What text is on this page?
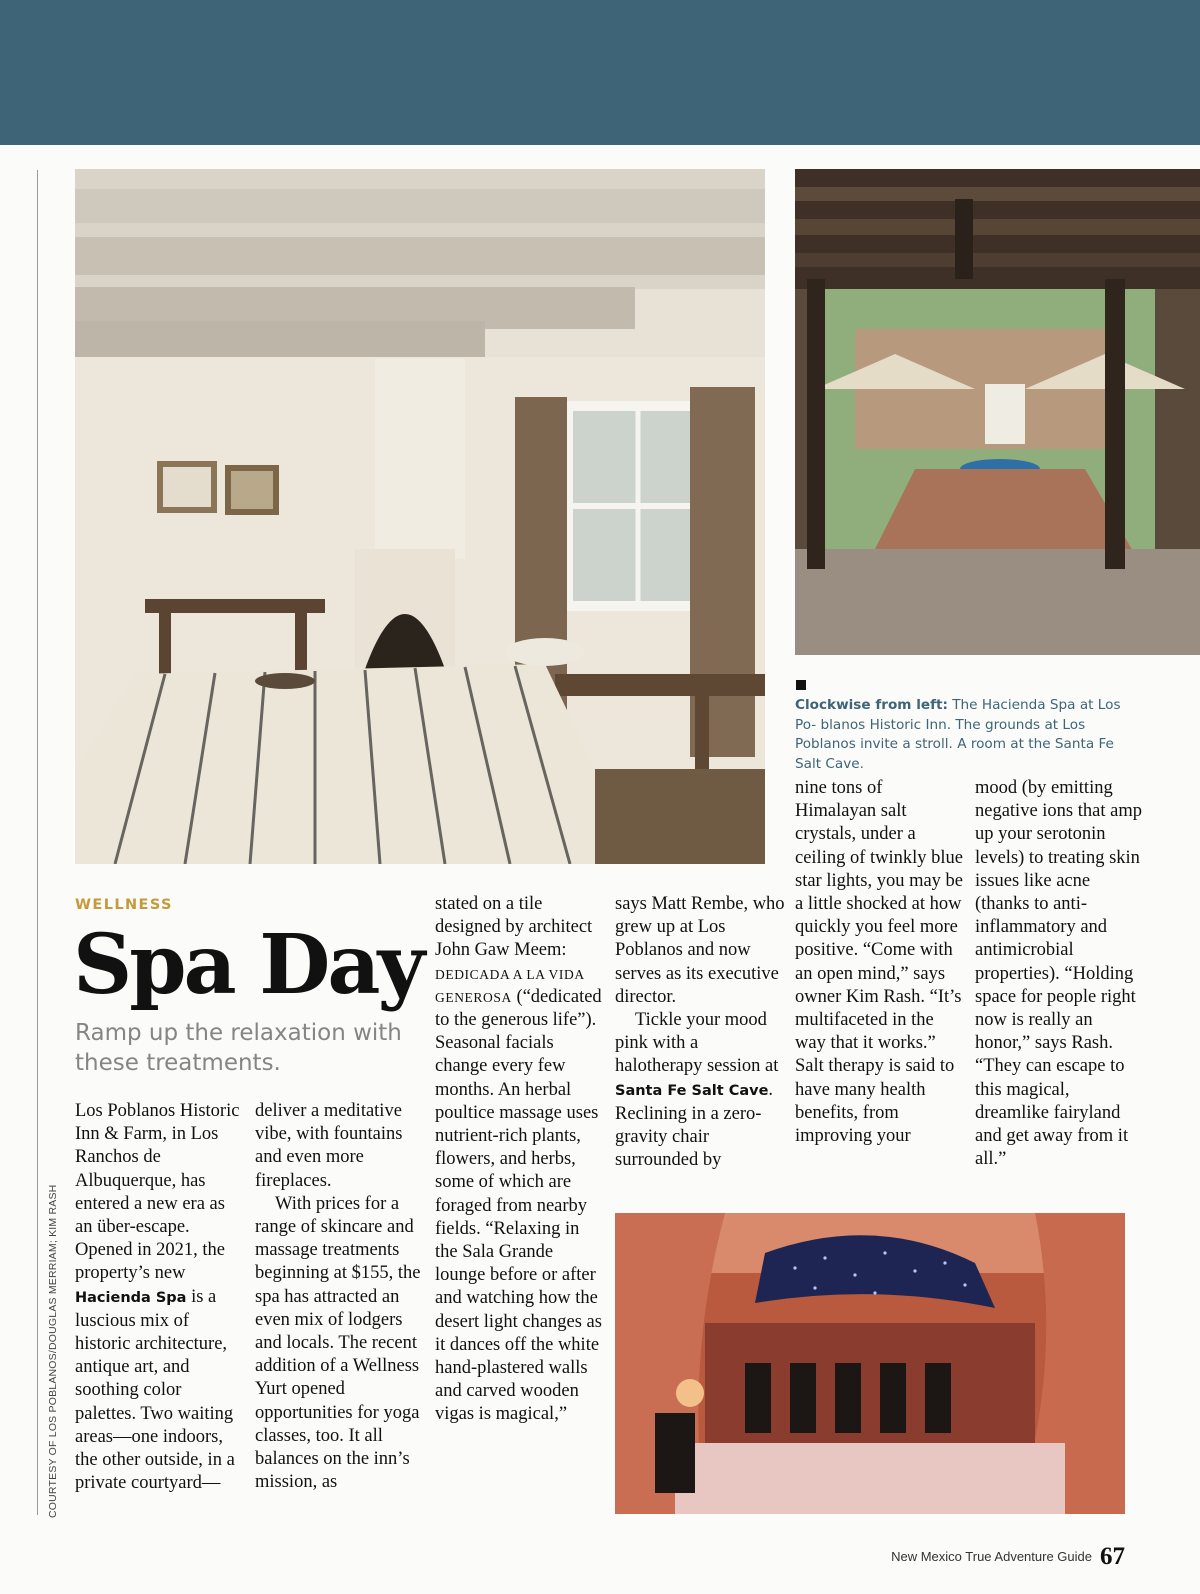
COURTESY OF LOS POBLANOS/DOUGLAS MERRIAM; KIM RASH
Clockwise from left: The Hacienda Spa at Los Po- blanos Historic Inn. The grounds at Los Poblanos invite a stroll. A room at the Santa Fe Salt Cave.
WELLNESS
Spa Day
Ramp up the relaxation with these treatments.

Los Poblanos Historic Inn & Farm, in Los Ranchos de Albuquerque, has entered a new era as an über-escape. Opened in 2021, the property’s new Hacienda Spa is a luscious mix of historic architecture, antique art, and soothing color palettes. Two waiting areas—one indoors, the other outside, in a private courtyard—

deliver a meditative vibe, with fountains and even more fireplaces.

With prices for a range of skincare and massage treatments beginning at $155, the spa has attracted an even mix of lodgers and locals. The recent addition of a Wellness Yurt opened opportunities for yoga classes, too. It all balances on the inn’s mission, as

stated on a tile designed by architect John Gaw Meem: DEDICADA A LA VIDA GENEROSA (“dedicated to the generous life”). Seasonal facials change every few months. An herbal poultice massage uses nutrient-rich plants, flowers, and herbs, some of which are foraged from nearby fields. “Relaxing in the Sala Grande lounge before or after and watching how the desert light changes as it dances off the white hand-plastered walls and carved wooden vigas is magical,”

says Matt Rembe, who grew up at Los Poblanos and now serves as its executive director.

Tickle your mood pink with a halotherapy session at Santa Fe Salt Cave. Reclining in a zero-gravity chair surrounded by

nine tons of Himalayan salt crystals, under a ceiling of twinkly blue star lights, you may be a little shocked at how quickly you feel more positive. “Come with an open mind,” says owner Kim Rash. “It’s multifaceted in the way that it works.” Salt therapy is said to have many health benefits, from improving your

mood (by emitting negative ions that amp up your serotonin levels) to treating skin issues like acne (thanks to anti-inflammatory and antimicrobial properties). “Holding space for people right now is really an honor,” says Rash. “They can escape to this magical, dreamlike fairyland and get away from it all.”

New Mexico True Adventure Guide 67
